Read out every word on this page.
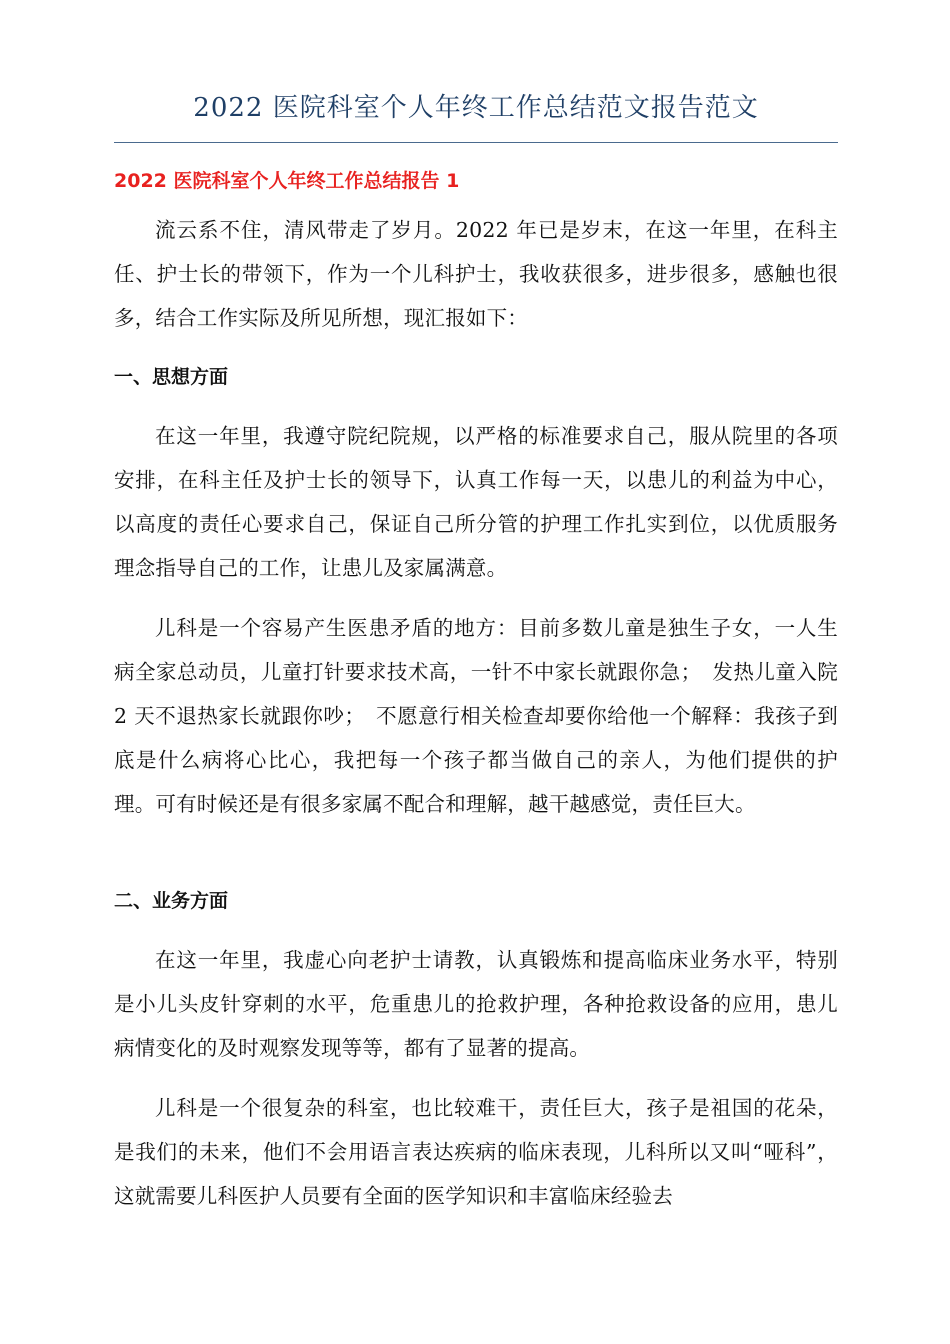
2022 医院科室个人年终工作总结范文报告范文
2022 医院科室个人年终工作总结报告 1

流云系不住，清风带走了岁月。2022 年已是岁末，在这一年里，在科主任、护士长的带领下，作为一个儿科护士，我收获很多，进步很多，感触也很多，结合工作实际及所见所想，现汇报如下：

一、思想方面

在这一年里，我遵守院纪院规，以严格的标准要求自己，服从院里的各项安排，在科主任及护士长的领导下，认真工作每一天，以患儿的利益为中心，以高度的责任心要求自己，保证自己所分管的护理工作扎实到位，以优质服务理念指导自己的工作，让患儿及家属满意。

儿科是一个容易产生医患矛盾的地方：目前多数儿童是独生子女，一人生病全家总动员，儿童打针要求技术高，一针不中家长就跟你急；　发热儿童入院 2 天不退热家长就跟你吵；　不愿意行相关检查却要你给他一个解释：我孩子到底是什么病将心比心，我把每一个孩子都当做自己的亲人，为他们提供的护理。可有时候还是有很多家属不配合和理解，越干越感觉，责任巨大。

二、业务方面

在这一年里，我虚心向老护士请教，认真锻炼和提高临床业务水平，特别是小儿头皮针穿刺的水平，危重患儿的抢救护理，各种抢救设备的应用，患儿病情变化的及时观察发现等等，都有了显著的提高。

儿科是一个很复杂的科室，也比较难干，责任巨大，孩子是祖国的花朵，是我们的未来，他们不会用语言表达疾病的临床表现，儿科所以又叫“哑科”，这就需要儿科医护人员要有全面的医学知识和丰富临床经验去
